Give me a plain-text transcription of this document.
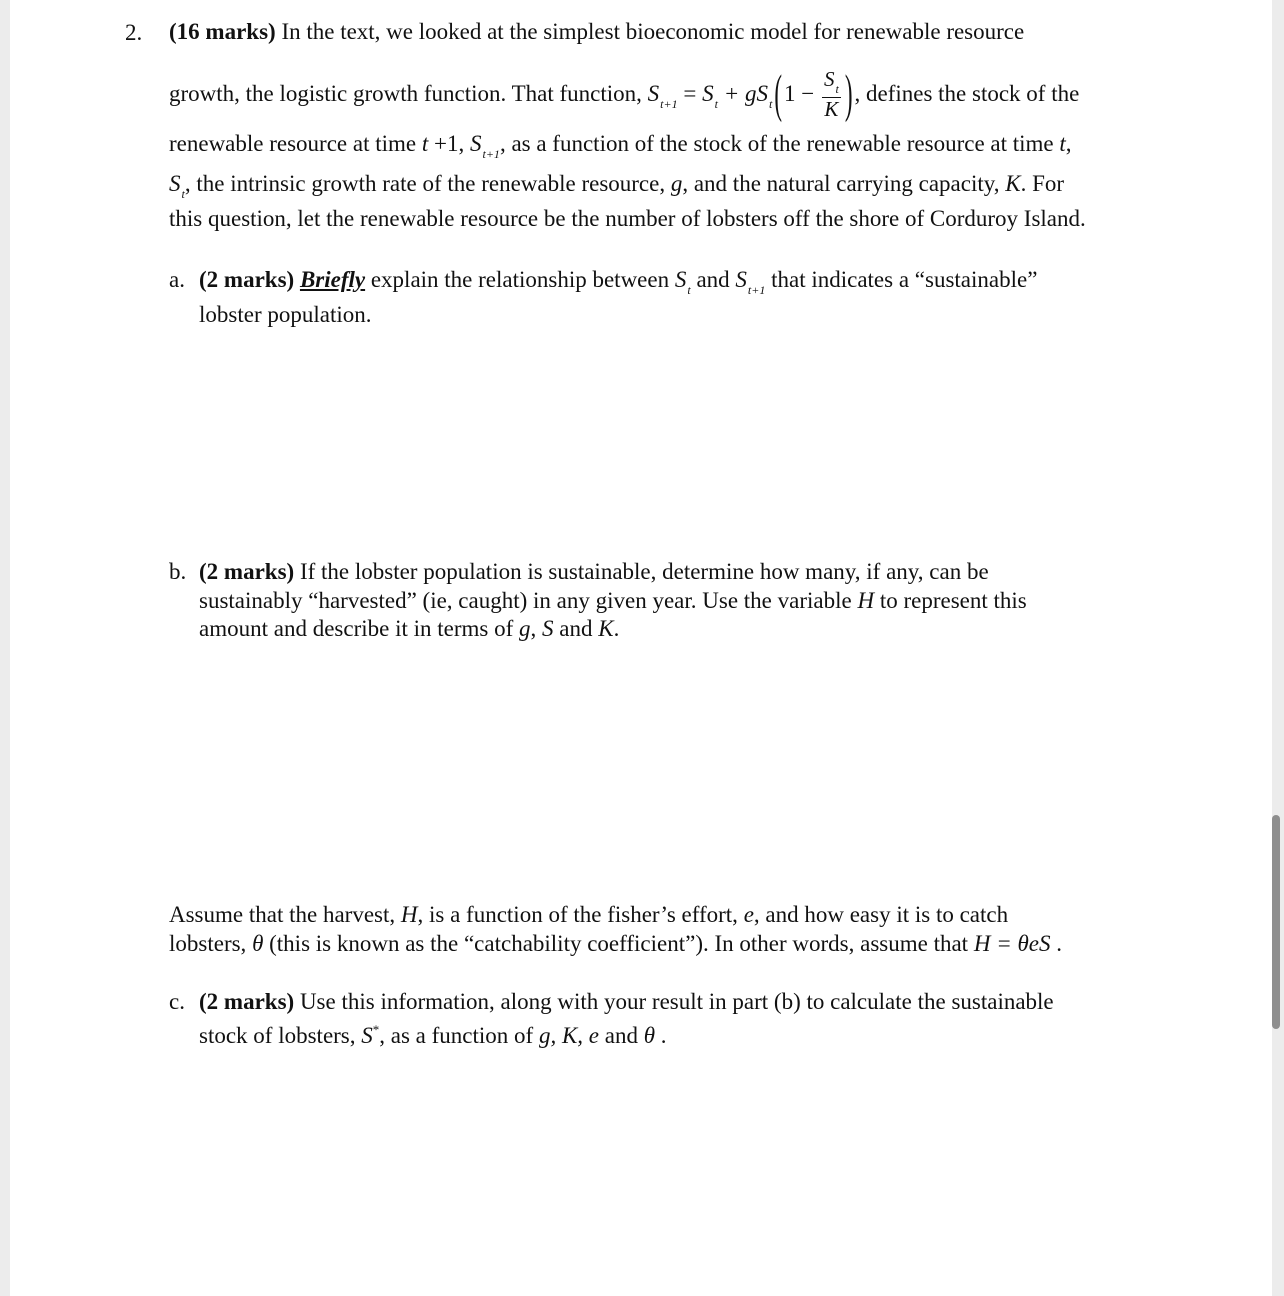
2. (16 marks) In the text, we looked at the simplest bioeconomic model for renewable resource
growth, the logistic growth function. That function, $S_{t+1} = S_t + gS_t(1 - \frac{S_t}{K}$ ), defines the stock of the
renewable resource at time t +1, $S_{t+1}$, as a function of the stock of the renewable resource at time t,
$S_t$, the intrinsic growth rate of the renewable resource, g, and the natural carrying capacity, K. For
this question, let the renewable resource be the number of lobsters off the shore of Corduroy Island.
a. (2 marks) Briefly explain the relationship between $S_t$ and $S_{t+1}$ that indicates a “sustainable”
lobster population.
b. (2 marks) If the lobster population is sustainable, determine how many, if any, can be
sustainably “harvested” (ie, caught) in any given year. Use the variable H to represent this
amount and describe it in terms of g, S and K.
Assume that the harvest, H, is a function of the fisher’s effort, e, and how easy it is to catch
lobsters, θ (this is known as the “catchability coefficient”). In other words, assume that H = θeS .
c. (2 marks) Use this information, along with your result in part (b) to calculate the sustainable
stock of lobsters, S*, as a function of g, K, e and θ .
